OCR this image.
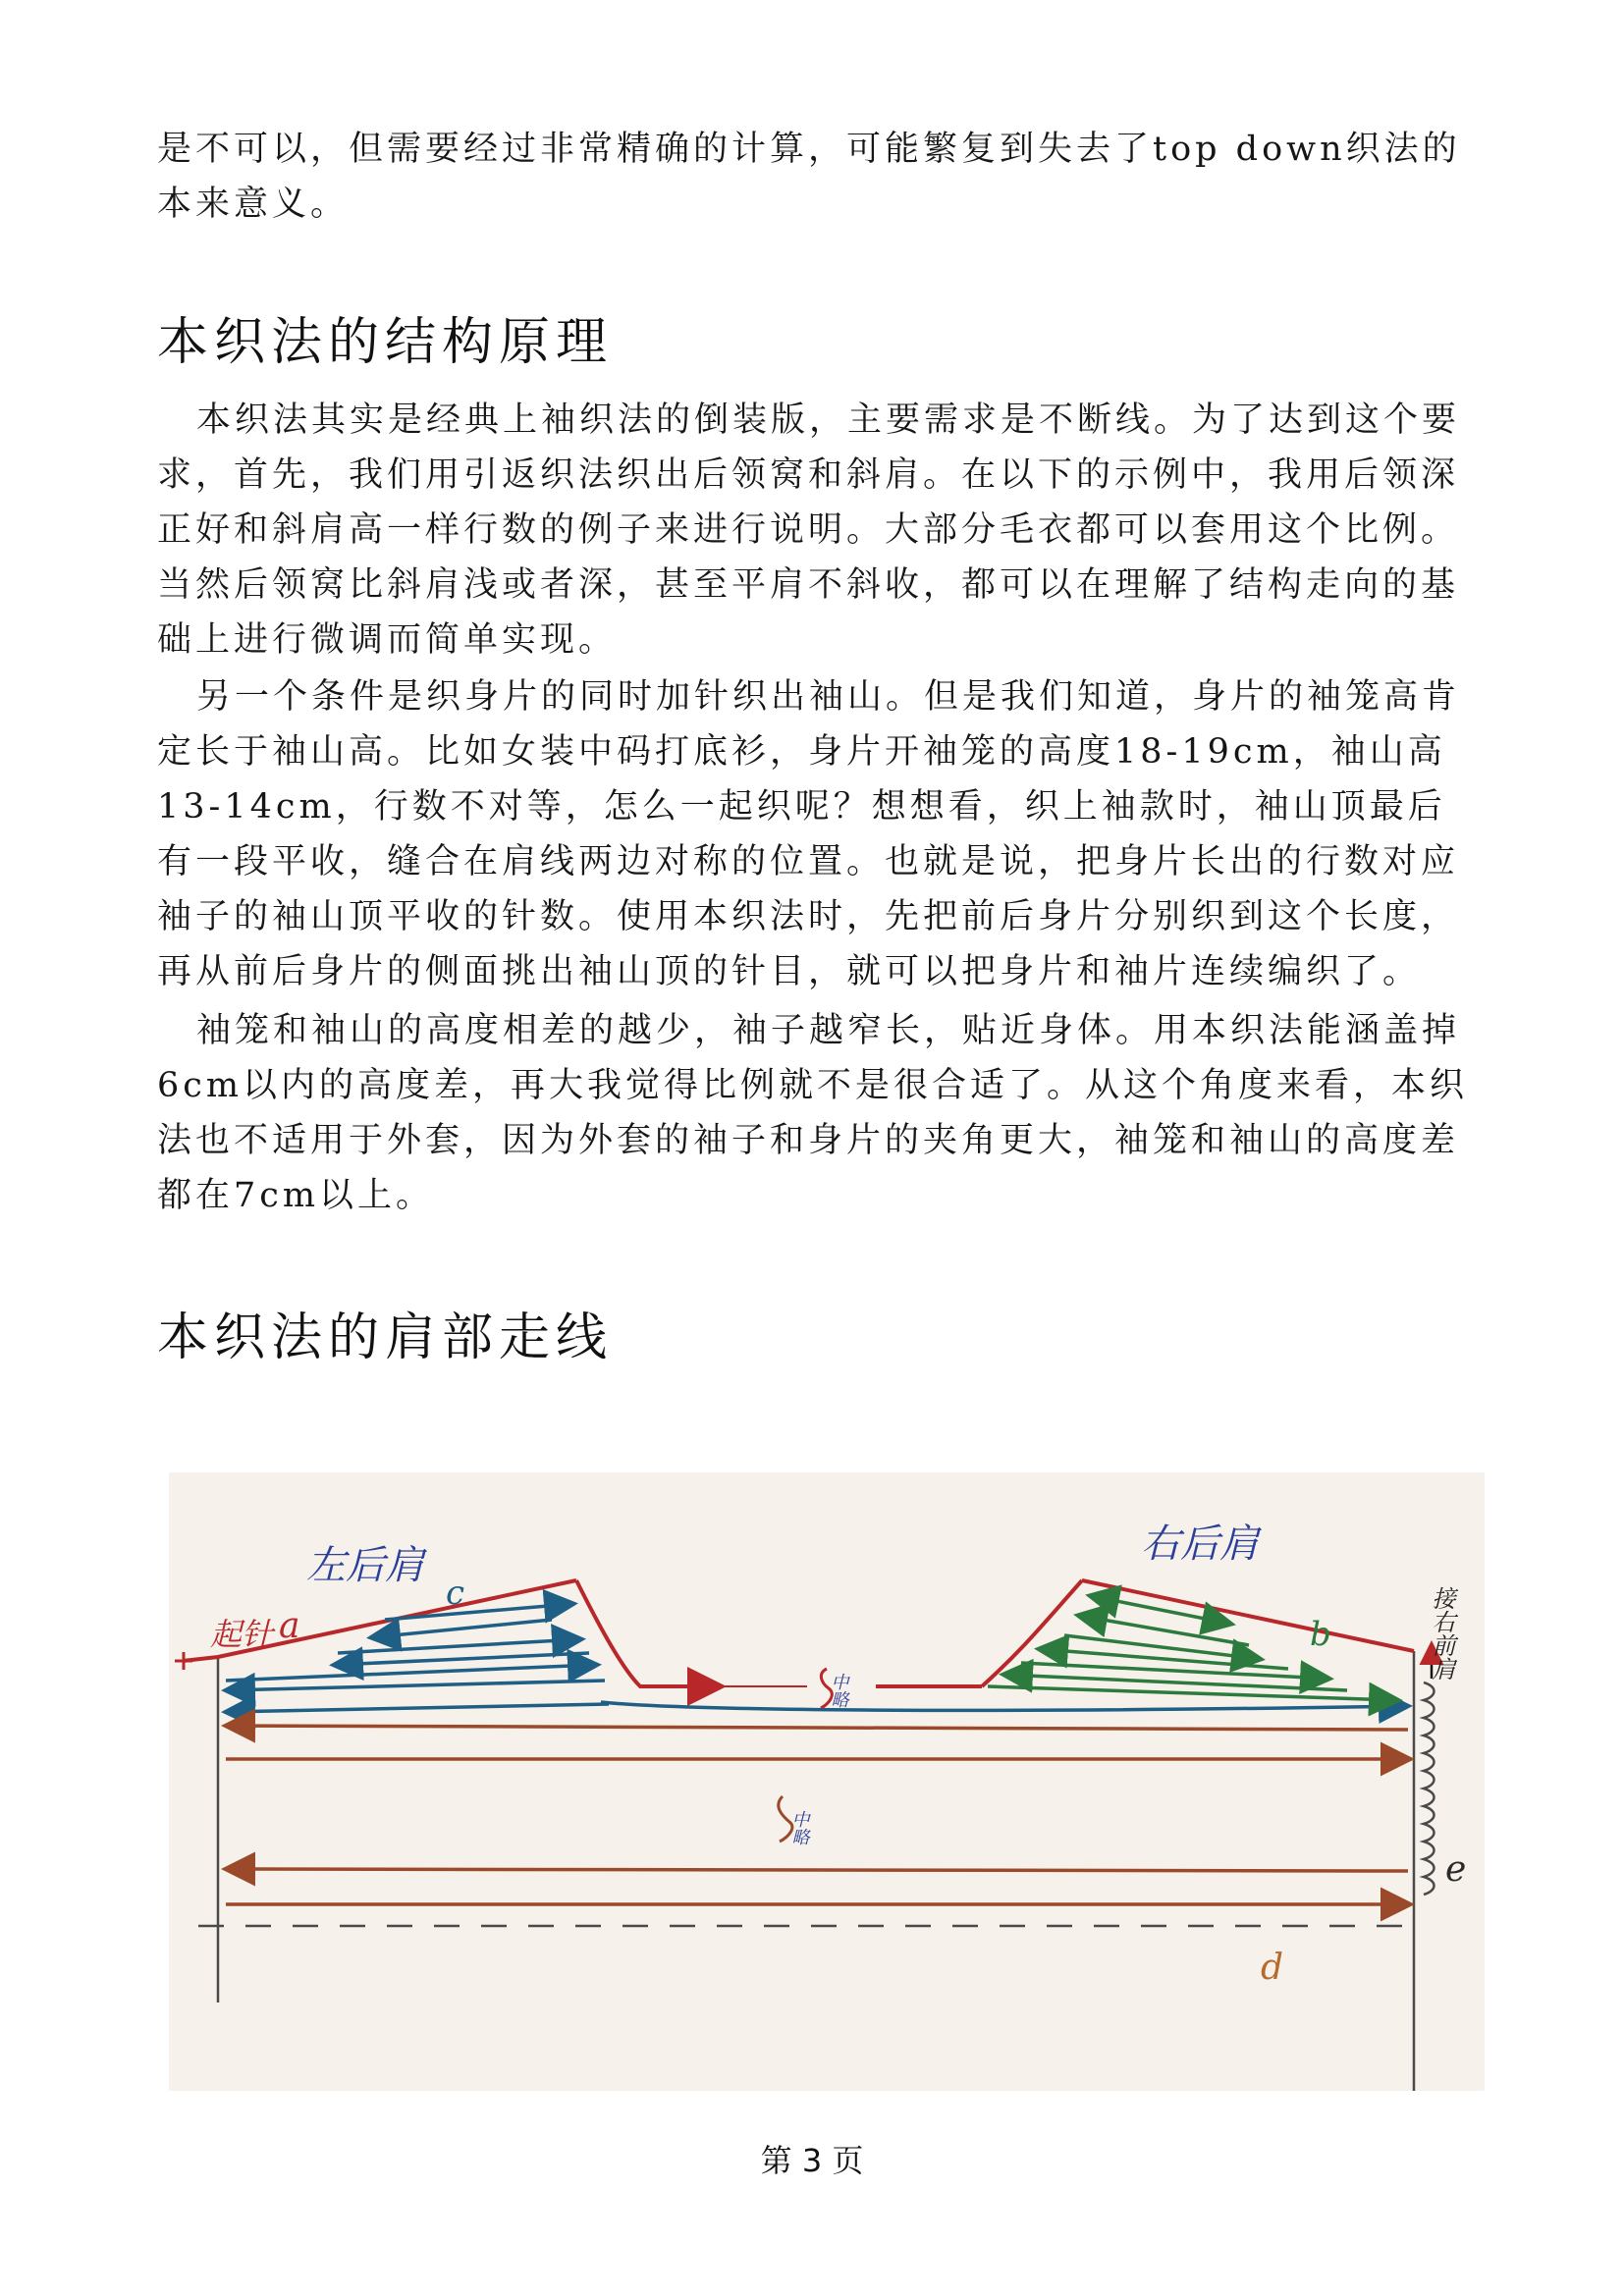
是不可以，但需要经过非常精确的计算，可能繁复到失去了top down织法的本来意义。

本织法的结构原理

本织法其实是经典上袖织法的倒装版，主要需求是不断线。为了达到这个要求，首先，我们用引返织法织出后领窝和斜肩。在以下的示例中，我用后领深正好和斜肩高一样行数的例子来进行说明。大部分毛衣都可以套用这个比例。当然后领窝比斜肩浅或者深，甚至平肩不斜收，都可以在理解了结构走向的基础上进行微调而简单实现。

另一个条件是织身片的同时加针织出袖山。但是我们知道，身片的袖笼高肯定长于袖山高。比如女装中码打底衫，身片开袖笼的高度18-19cm，袖山高13-14cm，行数不对等，怎么一起织呢？想想看，织上袖款时，袖山顶最后有一段平收，缝合在肩线两边对称的位置。也就是说，把身片长出的行数对应袖子的袖山顶平收的针数。使用本织法时，先把前后身片分别织到这个长度，再从前后身片的侧面挑出袖山顶的针目，就可以把身片和袖片连续编织了。

袖笼和袖山的高度相差的越少，袖子越窄长，贴近身体。用本织法能涵盖掉6cm以内的高度差，再大我觉得比例就不是很合适了。从这个角度来看，本织法也不适用于外套，因为外套的袖子和身片的夹角更大，袖笼和袖山的高度差都在7cm以上。

本织法的肩部走线
左后肩	右后肩
起针 a
c
b
d
e
中略
中略
接右前肩
第 3 页
